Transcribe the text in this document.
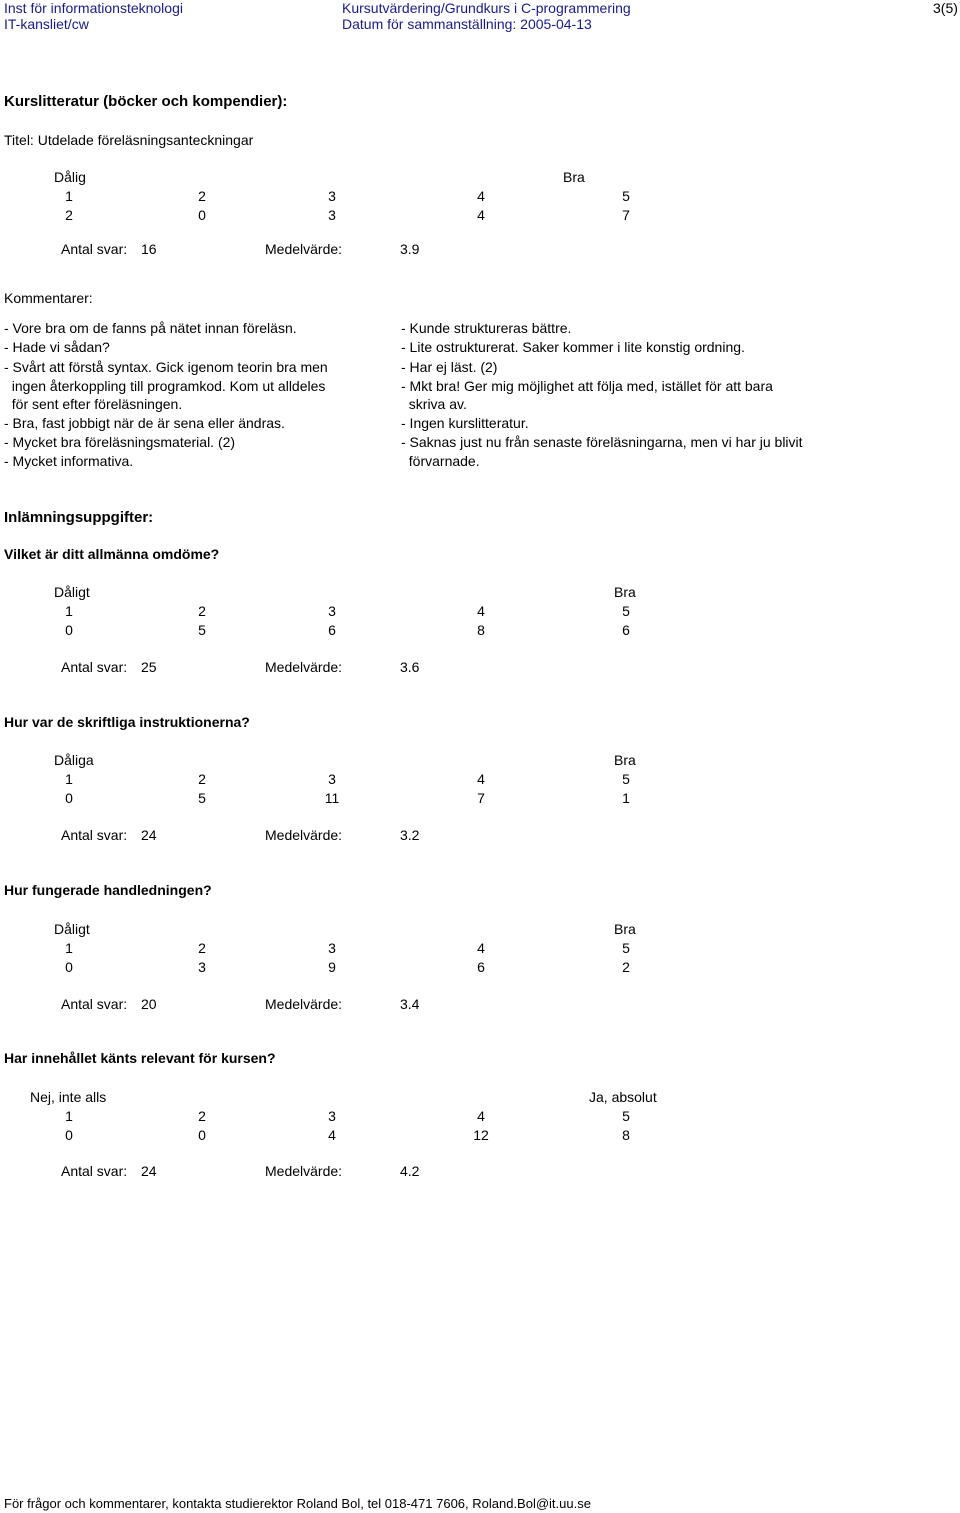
Inst för informationsteknologi
IT-kansliet/cw
Kursutvärdering/Grundkurs i C-programmering
Datum för sammanställning: 2005-04-13
3(5)
Kurslitteratur (böcker och kompendier):
Titel: Utdelade föreläsningsanteckningar
Dålig	Bra
1	2	3	4	5
2	0	3	4	7
Antal svar: 16	Medelvärde:	3.9
Kommentarer:
- Vore bra om de fanns på nätet innan föreläsn.
- Hade vi sådan?
- Svårt att förstå syntax. Gick igenom teorin bra men
ingen återkoppling till programkod. Kom ut alldeles
för sent efter föreläsningen.
- Bra, fast jobbigt när de är sena eller ändras.
- Mycket bra föreläsningsmaterial. (2)
- Mycket informativa.
- Kunde struktureras bättre.
- Lite ostrukturerat. Saker kommer i lite konstig ordning.
- Har ej läst. (2)
- Mkt bra! Ger mig möjlighet att följa med, istället för att bara
skriva av.
- Ingen kurslitteratur.
- Saknas just nu från senaste föreläsningarna, men vi har ju blivit
förvarnade.
Inlämningsuppgifter:
Vilket är ditt allmänna omdöme?
Dåligt	Bra
1	2	3	4	5
0	5	6	8	6
Antal svar: 25	Medelvärde:	3.6
Hur var de skriftliga instruktionerna?
Dåliga	Bra
1	2	3	4	5
0	5	11	7	1
Antal svar: 24	Medelvärde:	3.2
Hur fungerade handledningen?
Dåligt	Bra
1	2	3	4	5
0	3	9	6	2
Antal svar: 20	Medelvärde:	3.4
Har innehållet känts relevant för kursen?
Nej, inte alls	Ja, absolut
1	2	3	4	5
0	0	4	12	8
Antal svar: 24	Medelvärde:	4.2
För frågor och kommentarer, kontakta studierektor Roland Bol, tel 018-471 7606, Roland.Bol@it.uu.se
